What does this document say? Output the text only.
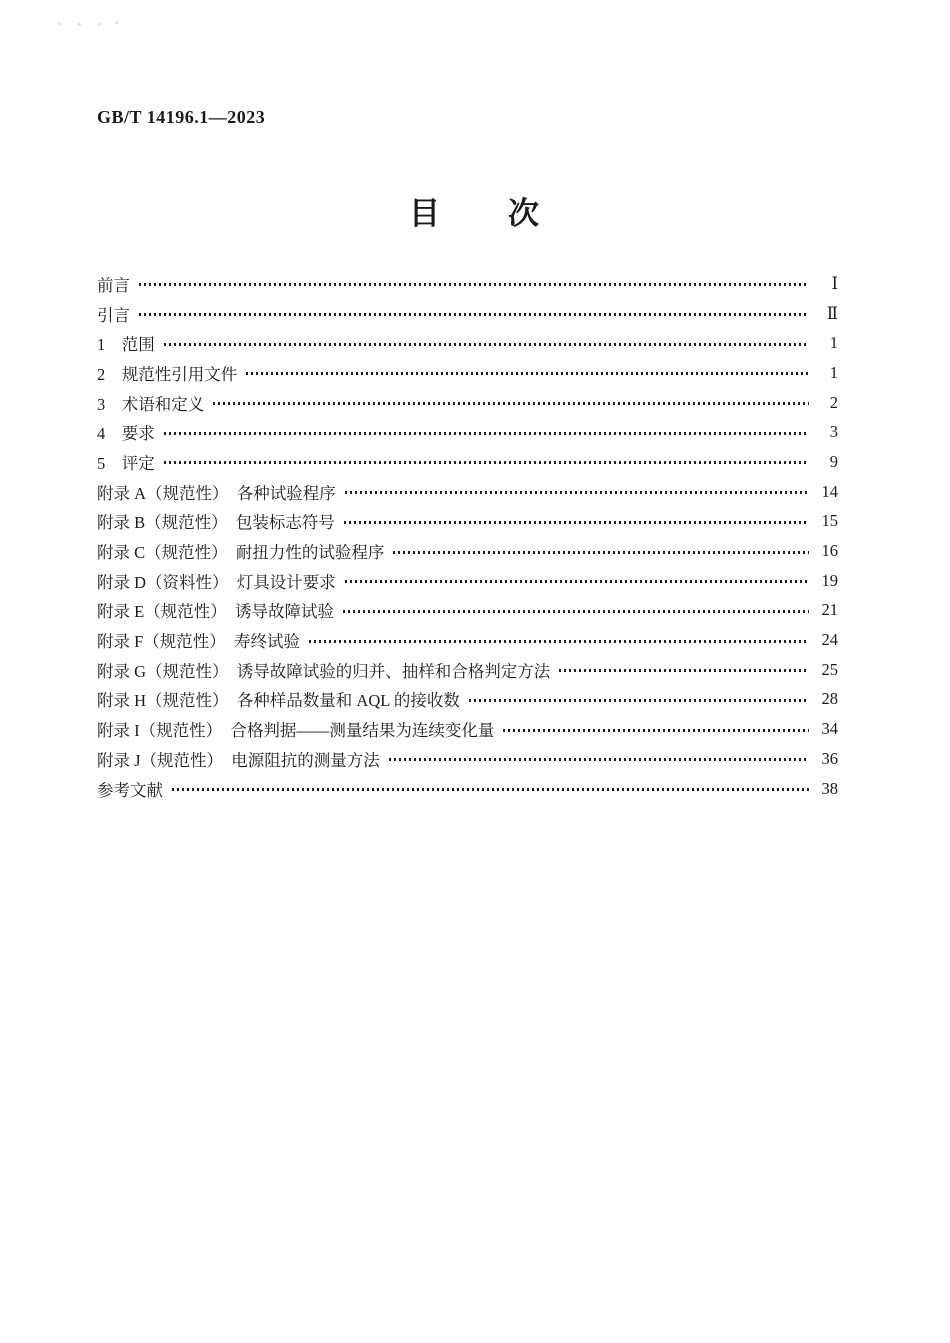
GB/T 14196.1—2023
目　　次
前言	Ⅰ
引言	Ⅱ
1　范围	1
2　规范性引用文件	1
3　术语和定义	2
4　要求	3
5　评定	9
附录 A（规范性）　各种试验程序	14
附录 B（规范性）　包装标志符号	15
附录 C（规范性）　耐扭力性的试验程序	16
附录 D（资料性）　灯具设计要求	19
附录 E（规范性）　诱导故障试验	21
附录 F（规范性）　寿终试验	24
附录 G（规范性）　诱导故障试验的归并、抽样和合格判定方法	25
附录 H（规范性）　各种样品数量和 AQL 的接收数	28
附录 I（规范性）　合格判据——测量结果为连续变化量	34
附录 J（规范性）　电源阻抗的测量方法	36
参考文献	38
